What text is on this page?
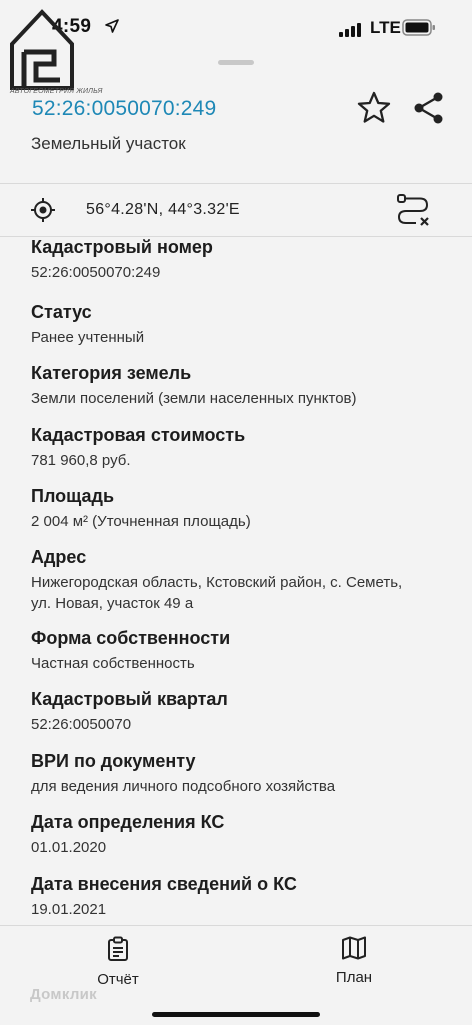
4:59	LTE
АВТОГЕОМЕТРИЯ ЖИЛЬЯ
52:26:0050070:249
Земельный участок
56°4.28'N, 44°3.32'E
Кадастровый номер
52:26:0050070:249
Статус
Ранее учтенный
Категория земель
Земли поселений (земли населенных пунктов)
Кадастровая стоимость
781 960,8 руб.
Площадь
2 004 м² (Уточненная площадь)
Адрес
Нижегородская область, Кстовский район, с. Семеть, ул. Новая, участок 49 а
Форма собственности
Частная собственность
Кадастровый квартал
52:26:0050070
ВРИ по документу
для ведения личного подсобного хозяйства
Дата определения КС
01.01.2020
Дата внесения сведений о КС
19.01.2021
Отчёт	План
Домклик
